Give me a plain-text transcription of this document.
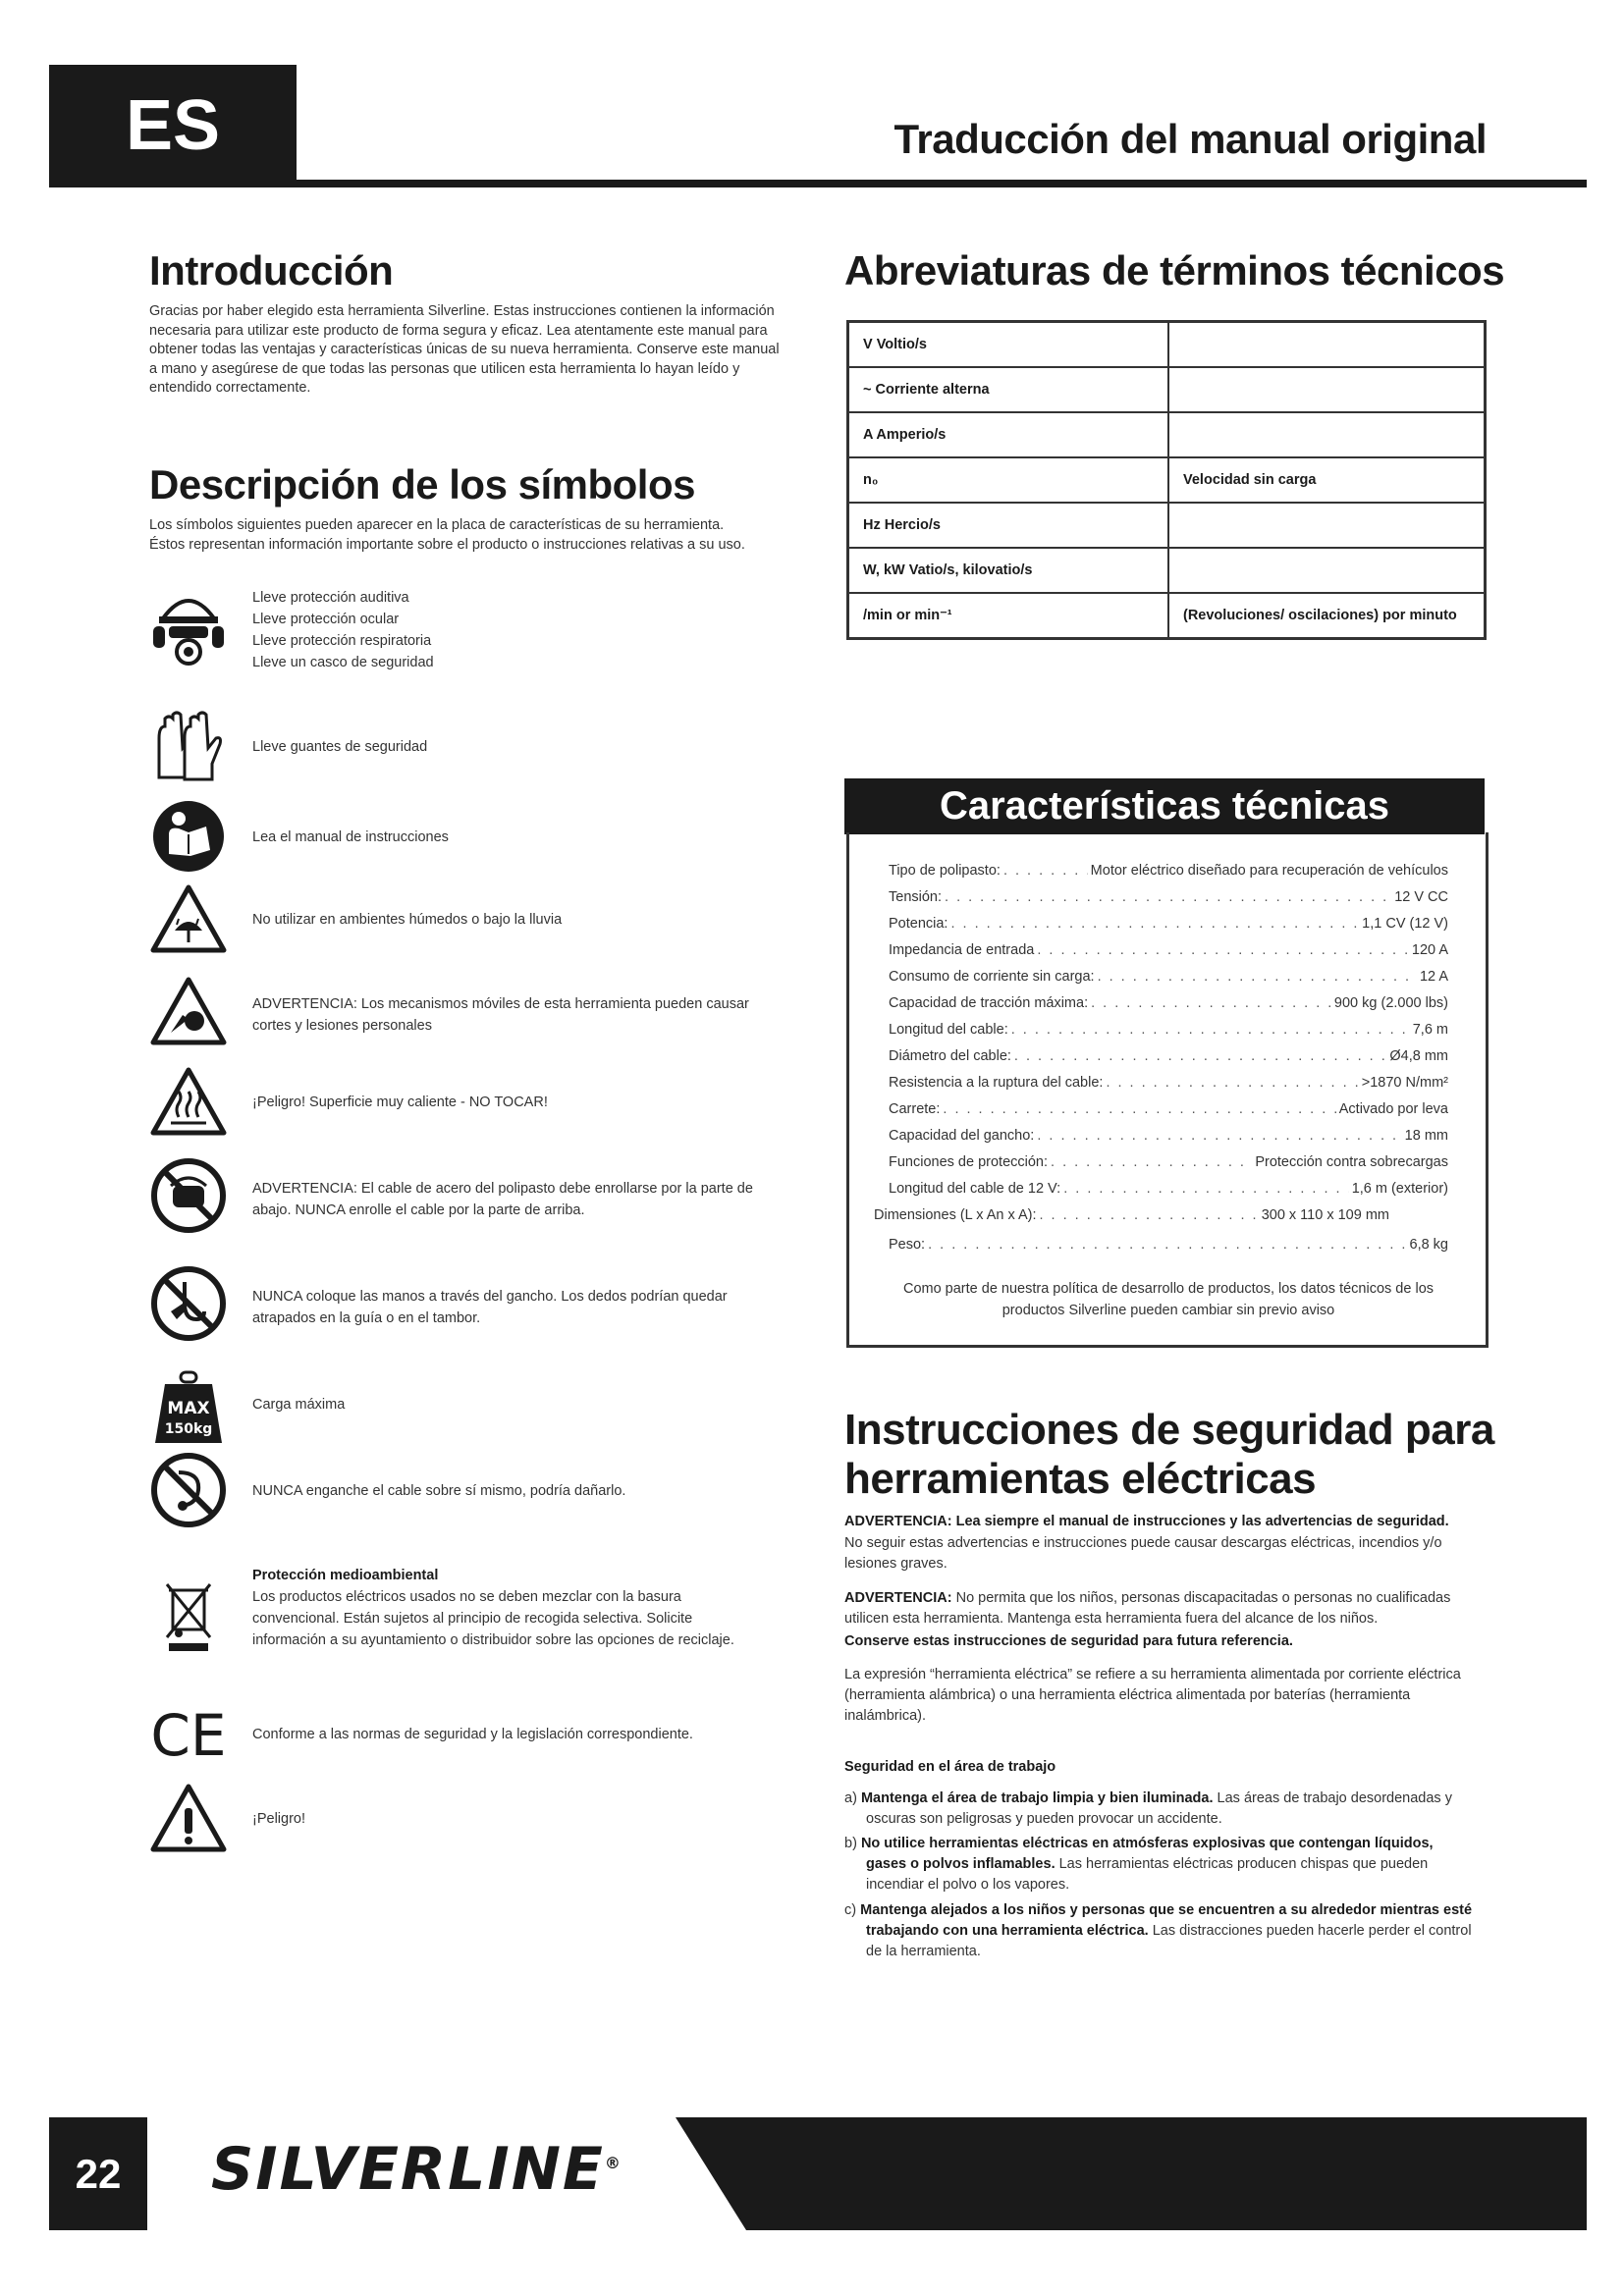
ES	Traducción del manual original
Introducción

Gracias por haber elegido esta herramienta Silverline. Estas instrucciones contienen la información
necesaria para utilizar este producto de forma segura y eficaz. Lea atentamente este manual para
obtener todas las ventajas y características únicas de su nueva herramienta. Conserve este manual
a mano y asegúrese de que todas las personas que utilicen esta herramienta lo hayan leído y
entendido correctamente.

Descripción de los símbolos

Los símbolos siguientes pueden aparecer en la placa de características de su herramienta.
Éstos representan información importante sobre el producto o instrucciones relativas a su uso.

Lleve protección auditiva
Lleve protección ocular
Lleve protección respiratoria
Lleve un casco de seguridad
Lleve guantes de seguridad
Lea el manual de instrucciones
No utilizar en ambientes húmedos o bajo la lluvia
ADVERTENCIA: Los mecanismos móviles de esta herramienta pueden causar
cortes y lesiones personales
¡Peligro! Superficie muy caliente - NO TOCAR!
ADVERTENCIA: El cable de acero del polipasto debe enrollarse por la parte de
abajo. NUNCA enrolle el cable por la parte de arriba.
NUNCA coloque las manos a través del gancho. Los dedos podrían quedar
atrapados en la guía o en el tambor.
MAX
150kg
Carga máxima
NUNCA enganche el cable sobre sí mismo, podría dañarlo.
Protección medioambiental
Los productos eléctricos usados no se deben mezclar con la basura
convencional. Están sujetos al principio de recogida selectiva. Solicite
información a su ayuntamiento o distribuidor sobre las opciones de reciclaje.
CE Conforme a las normas de seguridad y la legislación correspondiente.
¡Peligro!
Abreviaturas de términos técnicos
V Voltio/s	
~ Corriente alterna	
A Amperio/s	
n₀	Velocidad sin carga
Hz Hercio/s	
W, kW Vatio/s, kilovatio/s	
/min or min⁻¹	(Revoluciones/ oscilaciones) por minuto
Características técnicas
Tipo de polipasto: . . .	Motor eléctrico diseñado para recuperación de vehículos
Tensión: . . .	12 V CC
Potencia: . . .	1,1 CV (12 V)
Impedancia de entrada . . .	120 A
Consumo de corriente sin carga: . . .	12 A
Capacidad de tracción máxima: . . .	900 kg (2.000 lbs)
Longitud del cable: . . .	7,6 m
Diámetro del cable: . . .	Ø4,8 mm
Resistencia a la ruptura del cable: . . .	>1870 N/mm²
Carrete: . . .	Activado por leva
Capacidad del gancho: . . .	18 mm
Funciones de protección: . . .	Protección contra sobrecargas
Longitud del cable de 12 V: . . .	1,6 m (exterior)
Dimensiones (L x An x A): . . .	300 x 110 x 109 mm
Peso: . . .	6,8 kg
Como parte de nuestra política de desarrollo de productos, los datos técnicos de los
productos Silverline pueden cambiar sin previo aviso
Instrucciones de seguridad para
herramientas eléctricas

ADVERTENCIA: Lea siempre el manual de instrucciones y las advertencias de seguridad.

No seguir estas advertencias e instrucciones puede causar descargas eléctricas, incendios y/o
lesiones graves.

ADVERTENCIA: No permita que los niños, personas discapacitadas o personas no cualificadas
utilicen esta herramienta. Mantenga esta herramienta fuera del alcance de los niños.

Conserve estas instrucciones de seguridad para futura referencia.

La expresión “herramienta eléctrica” se refiere a su herramienta alimentada por corriente eléctrica
(herramienta alámbrica) o una herramienta eléctrica alimentada por baterías (herramienta
inalámbrica).

Seguridad en el área de trabajo

a) Mantenga el área de trabajo limpia y bien iluminada. Las áreas de trabajo desordenadas y
oscuras son peligrosas y pueden provocar un accidente.

b) No utilice herramientas eléctricas en atmósferas explosivas que contengan líquidos,
gases o polvos inflamables. Las herramientas eléctricas producen chispas que pueden
incendiar el polvo o los vapores.

c) Mantenga alejados a los niños y personas que se encuentren a su alrededor mientras esté
trabajando con una herramienta eléctrica. Las distracciones pueden hacerle perder el control
de la herramienta.

22	SILVERLINE®
